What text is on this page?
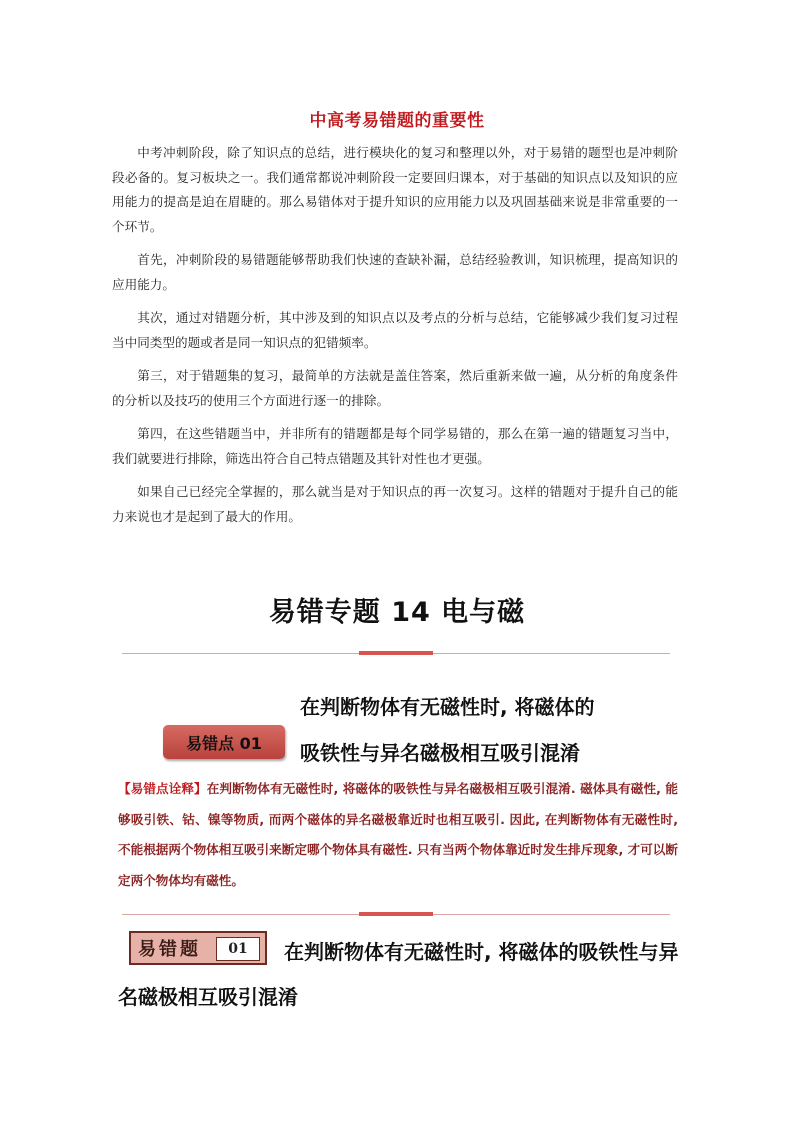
中高考易错题的重要性

中考冲刺阶段，除了知识点的总结，进行模块化的复习和整理以外，对于易错的题型也是冲刺阶段必备的。复习板块之一。我们通常都说冲刺阶段一定要回归课本，对于基础的知识点以及知识的应用能力的提高是迫在眉睫的。那么易错体对于提升知识的应用能力以及巩固基础来说是非常重要的一个环节。

首先，冲刺阶段的易错题能够帮助我们快速的查缺补漏，总结经验教训，知识梳理，提高知识的应用能力。

其次，通过对错题分析，其中涉及到的知识点以及考点的分析与总结，它能够减少我们复习过程当中同类型的题或者是同一知识点的犯错频率。

第三，对于错题集的复习，最简单的方法就是盖住答案，然后重新来做一遍，从分析的角度条件的分析以及技巧的使用三个方面进行逐一的排除。

第四，在这些错题当中，并非所有的错题都是每个同学易错的，那么在第一遍的错题复习当中，我们就要进行排除，筛选出符合自己特点错题及其针对性也才更强。

如果自己已经完全掌握的，那么就当是对于知识点的再一次复习。这样的错题对于提升自己的能力来说也才是起到了最大的作用。

易错专题 14 电与磁
在判断物体有无磁性时, 将磁体的
吸铁性与异名磁极相互吸引混淆
易错点 01
【易错点诠释】在判断物体有无磁性时, 将磁体的吸铁性与异名磁极相互吸引混淆. 磁体具有磁性, 能够吸引铁、钴、镍等物质, 而两个磁体的异名磁极靠近时也相互吸引. 因此, 在判断物体有无磁性时, 不能根据两个物体相互吸引来断定哪个物体具有磁性. 只有当两个物体靠近时发生排斥现象, 才可以断定两个物体均有磁性。
在判断物体有无磁性时, 将磁体的吸铁性与异名磁极相互吸引混淆
易错题	01
